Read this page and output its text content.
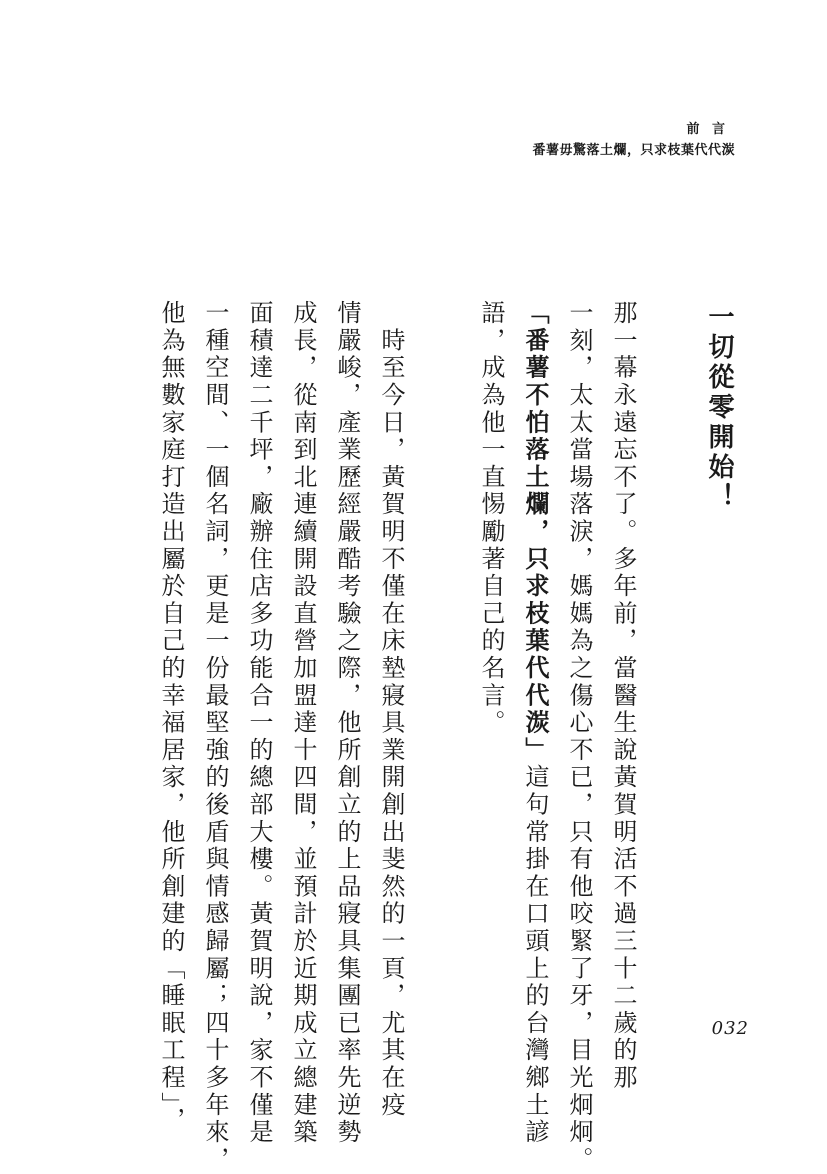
前 言
番薯毋驚落土爛，只求枝葉代代湠
一切從零開始！
那一幕永遠忘不了。多年前，當醫生說黃賀明活不過三十二歲的那
一刻，太太當場落淚，媽媽為之傷心不已，只有他咬緊了牙，目光炯炯。
「番薯不怕落土爛，只求枝葉代代湠」這句常掛在口頭上的台灣鄉土諺
語，成為他一直惕勵著自己的名言。
　時至今日，黃賀明不僅在床墊寢具業開創出斐然的一頁，尤其在疫
情嚴峻，產業歷經嚴酷考驗之際，他所創立的上品寢具集團已率先逆勢
成長，從南到北連續開設直營加盟達十四間，並預計於近期成立總建築
面積達二千坪，廠辦住店多功能合一的總部大樓。黃賀明說，家不僅是
一種空間、一個名詞，更是一份最堅強的後盾與情感歸屬；四十多年來，
他為無數家庭打造出屬於自己的幸福居家，他所創建的「睡眠工程」，	032
